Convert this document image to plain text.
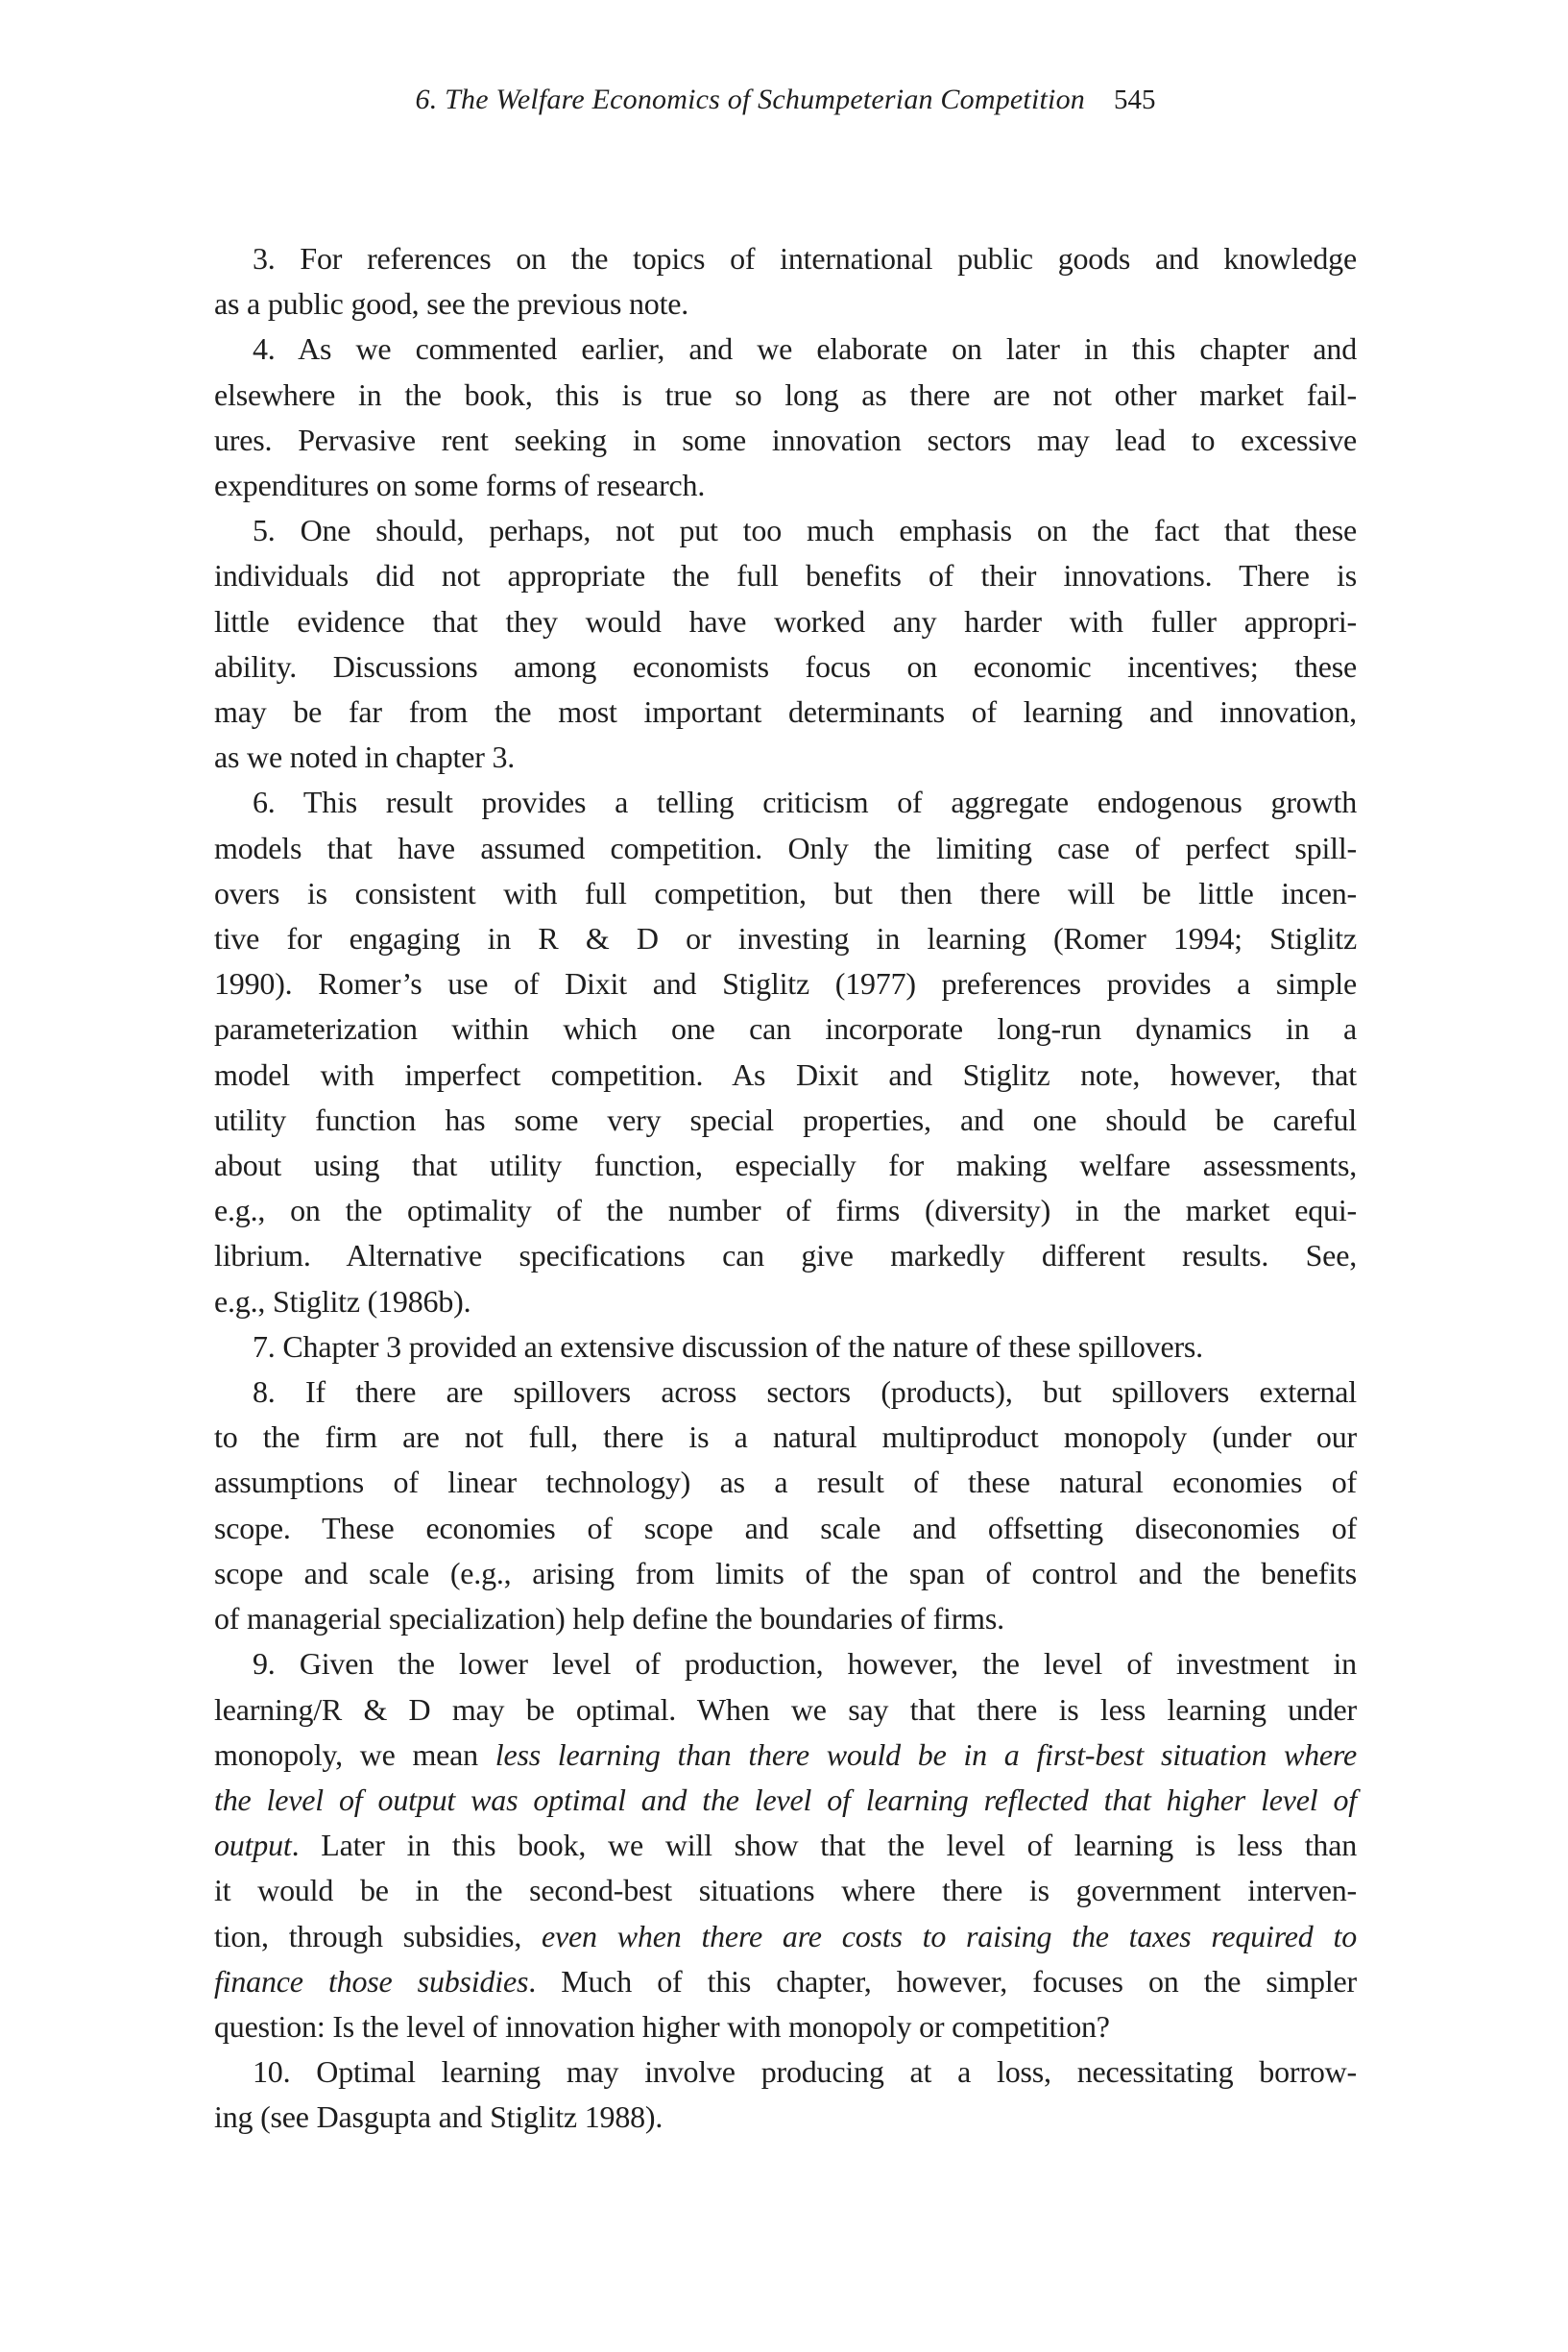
6. The Welfare Economics of Schumpeterian Competition 545
3. For references on the topics of international public goods and knowledge
as a public good, see the previous note.
4. As we commented earlier, and we elaborate on later in this chapter and
elsewhere in the book, this is true so long as there are not other market fail-
ures. Pervasive rent seeking in some innovation sectors may lead to excessive
expenditures on some forms of research.
5. One should, perhaps, not put too much emphasis on the fact that these
individuals did not appropriate the full benefits of their innovations. There is
little evidence that they would have worked any harder with fuller appropri-
ability. Discussions among economists focus on economic incentives; these
may be far from the most important determinants of learning and innovation,
as we noted in chapter 3.
6. This result provides a telling criticism of aggregate endogenous growth
models that have assumed competition. Only the limiting case of perfect spill-
overs is consistent with full competition, but then there will be little incen-
tive for engaging in R & D or investing in learning (Romer 1994; Stiglitz
1990). Romer’s use of Dixit and Stiglitz (1977) preferences provides a simple
parameterization within which one can incorporate long-run dynamics in a
model with imperfect competition. As Dixit and Stiglitz note, however, that
utility function has some very special properties, and one should be careful
about using that utility function, especially for making welfare assessments,
e.g., on the optimality of the number of firms (diversity) in the market equi-
librium. Alternative specifications can give markedly different results. See,
e.g., Stiglitz (1986b).
7. Chapter 3 provided an extensive discussion of the nature of these spillovers.
8. If there are spillovers across sectors (products), but spillovers external
to the firm are not full, there is a natural multiproduct monopoly (under our
assumptions of linear technology) as a result of these natural economies of
scope. These economies of scope and scale and offsetting diseconomies of
scope and scale (e.g., arising from limits of the span of control and the benefits
of managerial specialization) help define the boundaries of firms.
9. Given the lower level of production, however, the level of investment in
learning/R & D may be optimal. When we say that there is less learning under
monopoly, we mean less learning than there would be in a first-best situation where
the level of output was optimal and the level of learning reflected that higher level of
output. Later in this book, we will show that the level of learning is less than
it would be in the second-best situations where there is government interven-
tion, through subsidies, even when there are costs to raising the taxes required to
finance those subsidies. Much of this chapter, however, focuses on the simpler
question: Is the level of innovation higher with monopoly or competition?
10. Optimal learning may involve producing at a loss, necessitating borrow-
ing (see Dasgupta and Stiglitz 1988).
